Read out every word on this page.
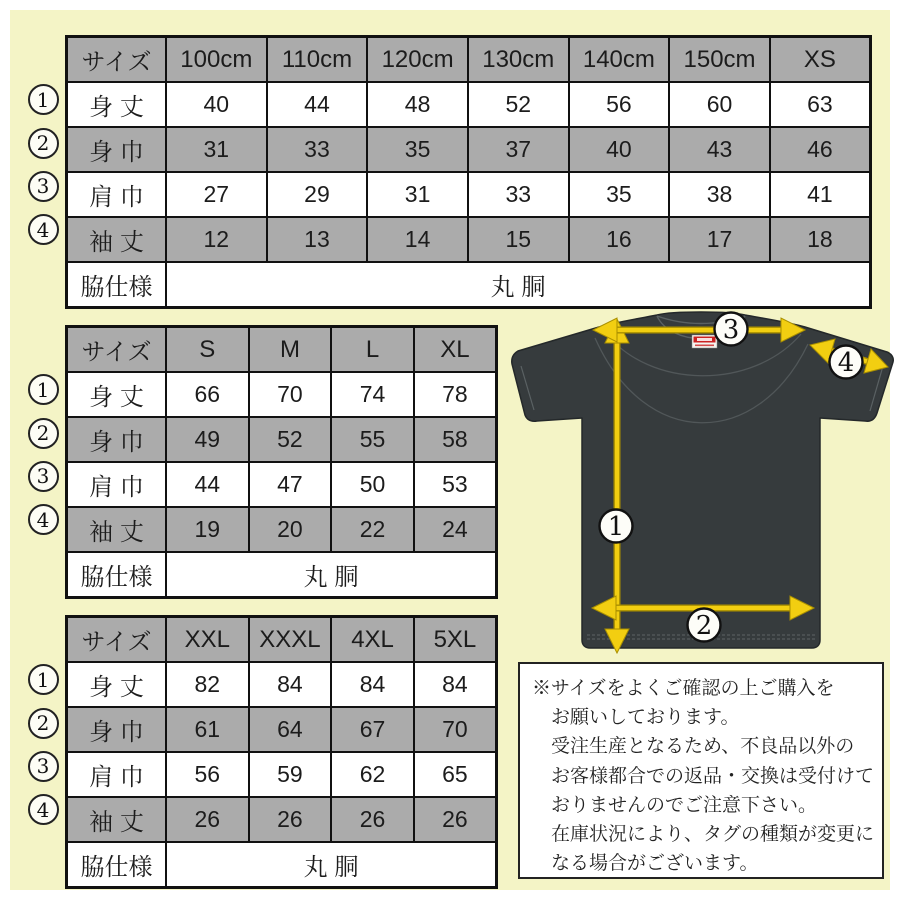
1
2
3
4
1
2
3
4
1
2
3
4
サイズ	100cm	110cm	120cm	130cm	140cm	150cm	XS
身 丈	40	44	48	52	56	60	63
身 巾	31	33	35	37	40	43	46
肩 巾	27	29	31	33	35	38	41
袖 丈	12	13	14	15	16	17	18
脇仕様	丸 胴						
サイズ	S	M	L	XL
身 丈	66	70	74	78
身 巾	49	52	55	58
肩 巾	44	47	50	53
袖 丈	19	20	22	24
脇仕様	丸 胴			
サイズ	XXL	XXXL	4XL	5XL
身 丈	82	84	84	84
身 巾	61	64	67	70
肩 巾	56	59	62	65
袖 丈	26	26	26	26
脇仕様	丸 胴			
3
4
1
2
※サイズをよくご確認の上ご購入を
お願いしております。
受注生産となるため、不良品以外の
お客様都合での返品・交換は受付けて
おりませんのでご注意下さい。
在庫状況により、タグの種類が変更に
なる場合がございます。
